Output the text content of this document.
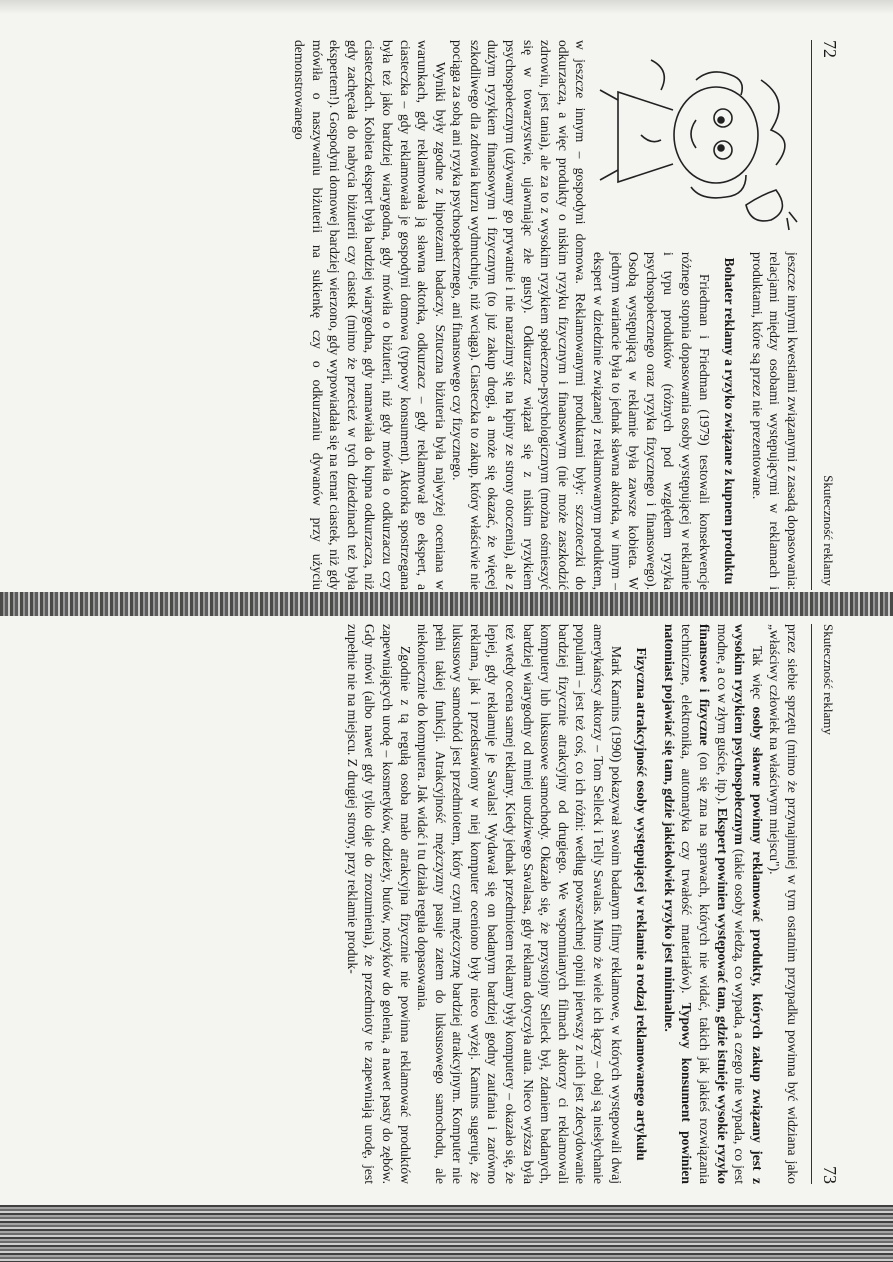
72
Skuteczność reklamy

jeszcze innymi kwestiami związanymi z zasadą dopasowania: relacjami między osobami występującymi w reklamach i produktami, które są przez nie prezentowane.

Bohater reklamy a ryzyko związane z kupnem produktu

Friedman i Friedman (1979) testowali konsekwencje różnego stopnia dopasowania osoby występującej w reklamie i typu produktów (różnych pod względem ryzyka psychospołecznego oraz ryzyka fizycznego i finansowego). Osobą występującą w reklamie była zawsze kobieta. W jednym wariancie była to jednak sławna aktorka, w innym – ekspert w dziedzinie związanej z reklamowanym produktem, w jeszcze innym – gospodyni domowa. Reklamowanymi produktami były: szczoteczki do odkurzacza, a więc produkty o niskim ryzyku fizycznym i finansowym (nie może zaszkodzić zdrowiu, jest tania), ale za to z wysokim ryzykiem społeczno-psychologicznym (można ośmieszyć się w towarzystwie, ujawniając złe gusty). Odkurzacz wiązał się z niskim ryzykiem psychospołecznym (używamy go prywatnie i nie narazimy się na kpiny ze strony otoczenia), ale z dużym ryzykiem finansowym i fizycznym (to już zakup drogi, a może się okazać, że więcej szkodliwego dla zdrowia kurzu wydmuchuje, niż wciąga). Ciasteczka to zakup, który właściwie nie pociąga za sobą ani ryzyka psychospołecznego, ani finansowego czy fizycznego.

Wyniki były zgodne z hipotezami badaczy. Sztuczna biżuteria była najwyżej oceniana w warunkach, gdy reklamowała ją sławna aktorka, odkurzacz – gdy reklamował go ekspert, a ciasteczka – gdy reklamowała je gospodyni domowa (typowy konsument). Aktorka spostrzegana była też jako bardziej wiarygodna, gdy mówiła o biżuterii, niż gdy mówiła o odkurzaczu czy ciasteczkach. Kobieta ekspert była bardziej wiarygodna, gdy namawiała do kupna odkurzacza, niż gdy zachęcała do nabycia biżuterii czy ciastek (mimo że przecież w tych dziedzinach też była ekspertem!). Gospodyni domowej bardziej wierzono, gdy wypowiadała się na temat ciastek, niż gdy mówiła o naszywaniu biżuterii na sukienkę czy o odkurzaniu dywanów przy użyciu demonstrowanego

Skuteczność reklamy
73

przez siebie sprzętu (mimo że przynajmniej w tym ostatnim przypadku powinna być widziana jako „właściwy człowiek na właściwym miejscu").

Tak więc osoby sławne powinny reklamować produkty, których zakup związany jest z wysokim ryzykiem psychospołecznym (takie osoby wiedzą, co wypada, a czego nie wypada, co jest modne, a co w złym guście, itp.). Ekspert powinien występować tam, gdzie istnieje wysokie ryzyko finansowe i fizyczne (on się zna na sprawach, których nie widać, takich jak jakieś rozwiązania techniczne, elektronika, automatyka czy trwałość materiałów). Typowy konsument powinien natomiast pojawiać się tam, gdzie jakiekolwiek ryzyko jest minimalne.

Fizyczna atrakcyjność osoby występującej w reklamie a rodzaj reklamowanego artykułu

Mark Kamins (1990) pokazywał swoim badanym filmy reklamowe, w których występowali dwaj amerykańscy aktorzy – Tom Selleck i Telly Savalas. Mimo że wiele ich łączy – obaj są niesłychanie popularni – jest też coś, co ich różni: według powszechnej opinii pierwszy z nich jest zdecydowanie bardziej fizycznie atrakcyjny od drugiego. We wspomnianych filmach aktorzy ci reklamowali komputery lub luksusowe samochody. Okazało się, że przystojny Selleck był, zdaniem badanych, bardziej wiarygodny od mniej urodziwego Savalasa, gdy reklama dotyczyła auta. Nieco wyższa była też wtedy ocena samej reklamy. Kiedy jednak przedmiotem reklamy były komputery – okazało się, że lepiej, gdy reklamuje je Savalas! Wydawał się on badanym bardziej godny zaufania i zarówno reklama, jak i przedstawiony w niej komputer oceniono były nieco wyżej. Kamins sugeruje, że luksusowy samochód jest przedmiotem, który czyni mężczyznę bardziej atrakcyjnym. Komputer nie pełni takiej funkcji. Atrakcyjność mężczyzny pasuje zatem do luksusowego samochodu, ale niekoniecznie do komputera. Jak widać i tu działa reguła dopasowania.

Zgodnie z tą regułą osoba mało atrakcyjna fizycznie nie powinna reklamować produktów zapewniających urodę – kosmetyków, odzieży, butów, nożyków do golenia, a nawet pasty do zębów. Gdy mówi (albo nawet gdy tylko daje do zrozumienia), że przedmioty te zapewniają urodę, jest zupełnie nie na miejscu. Z drugiej strony, przy reklamie produk-
